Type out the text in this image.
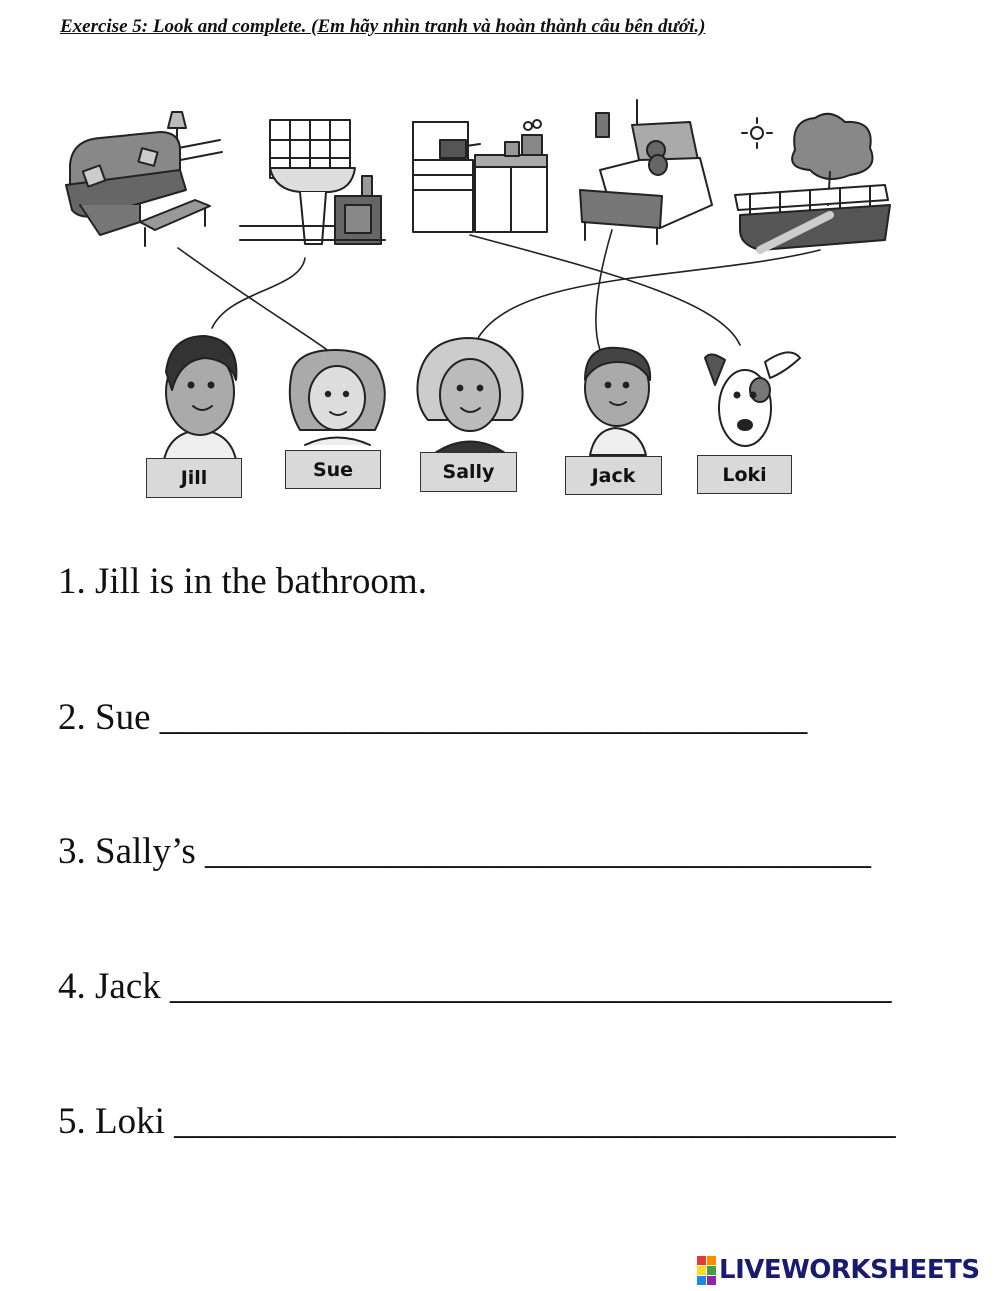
Exercise 5: Look and complete. (Em hãy nhìn tranh và hoàn thành câu bên dưới.)
Jill	Sue	Sally	Jack	Loki
1. Jill is in the bathroom.
2. Sue ___________________________________
3. Sally’s ____________________________________
4. Jack _______________________________________
5. Loki _______________________________________
LIVEWORKSHEETS
